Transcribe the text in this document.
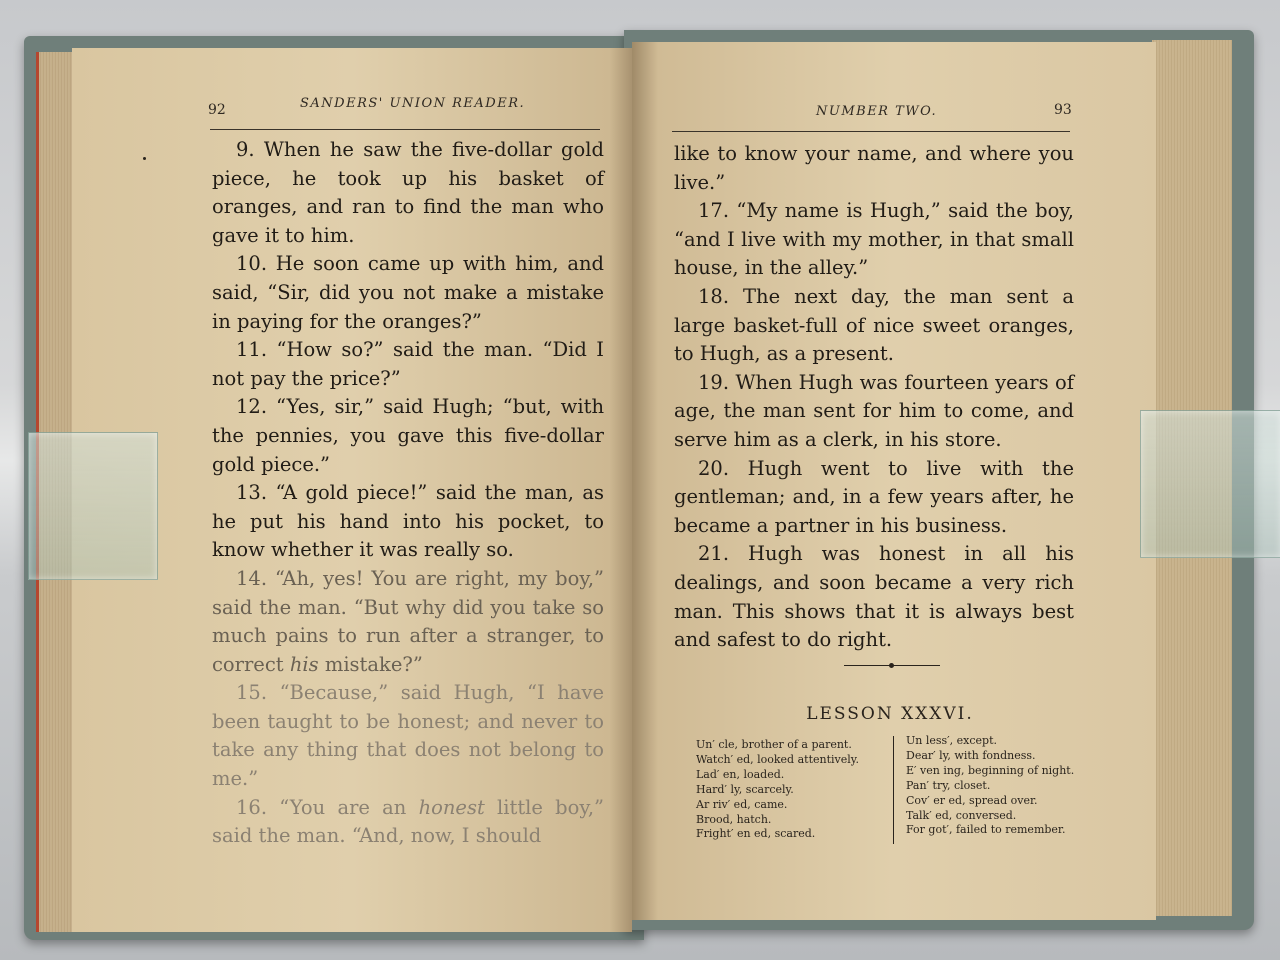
92	SANDERS' UNION READER.

9. When he saw the five-dollar gold piece, he took up his basket of oranges, and ran to find the man who gave it to him.

10. He soon came up with him, and said, “Sir, did you not make a mistake in paying for the oranges?”

11. “How so?” said the man. “Did I not pay the price?”

12. “Yes, sir,” said Hugh; “but, with the pennies, you gave this five-dollar gold piece.”

13. “A gold piece!” said the man, as he put his hand into his pocket, to know whether it was really so.

14. “Ah, yes! You are right, my boy,” said the man. “But why did you take so much pains to run after a stranger, to correct his mistake?”

15. “Because,” said Hugh, “I have been taught to be honest; and never to take any thing that does not belong to me.”

16. “You are an honest little boy,” said the man. “And, now, I should

NUMBER TWO.	93

like to know your name, and where you live.”

17. “My name is Hugh,” said the boy, “and I live with my mother, in that small house, in the alley.”

18. The next day, the man sent a large basket-full of nice sweet oranges, to Hugh, as a present.

19. When Hugh was fourteen years of age, the man sent for him to come, and serve him as a clerk, in his store.

20. Hugh went to live with the gentleman; and, in a few years after, he became a partner in his business.

21. Hugh was honest in all his dealings, and soon became a very rich man. This shows that it is always best and safest to do right.

LESSON XXXVI.
Un′ cle, brother of a parent.
Watch′ ed, looked attentively.
Lad′ en, loaded.
Hard′ ly, scarcely.
Ar riv′ ed, came.
Brood, hatch.
Fright′ en ed, scared.
Un less′, except.
Dear′ ly, with fondness.
E′ ven ing, beginning of night.
Pan′ try, closet.
Cov′ er ed, spread over.
Talk′ ed, conversed.
For got′, failed to remember.
